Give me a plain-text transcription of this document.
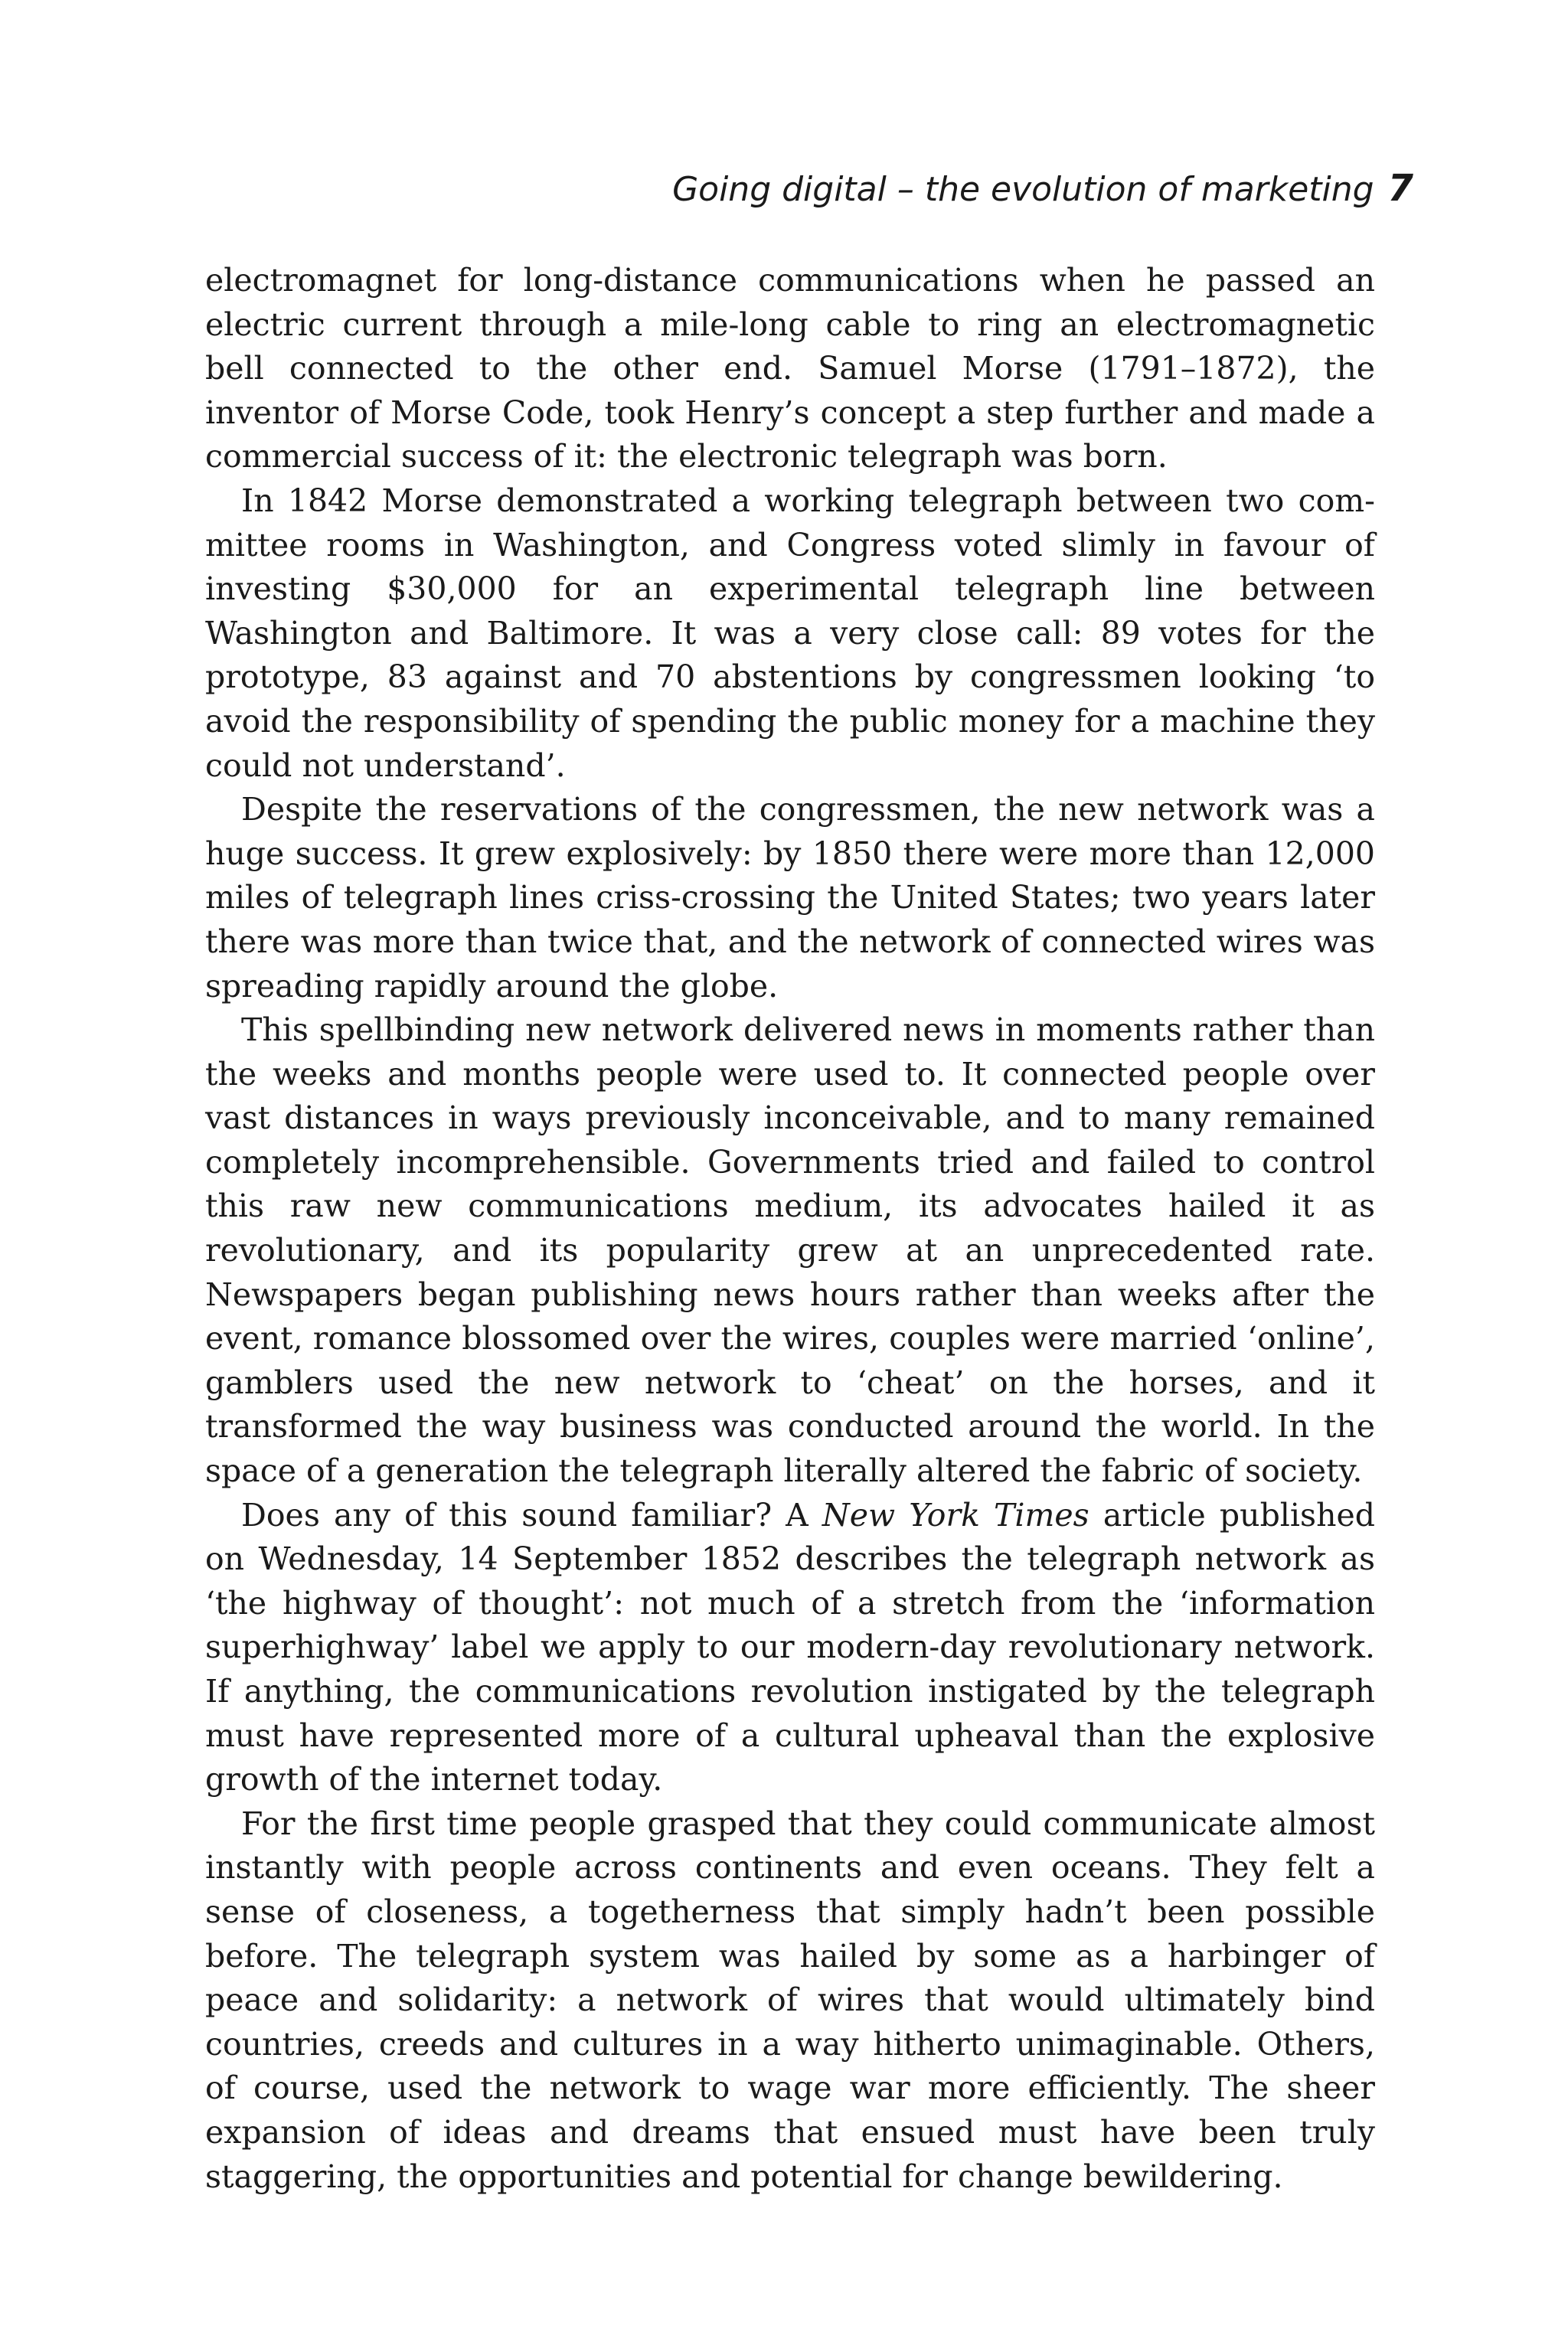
Going digital – the evolution of marketing 7

electromagnet for long-distance communications when he passed an electric current through a mile-long cable to ring an electromagnetic bell connected to the other end. Samuel Morse (1791–1872), the inventor of Morse Code, took Henry’s concept a step further and made a commercial success of it: the electronic telegraph was born.

In 1842 Morse demonstrated a working telegraph between two committee rooms in Washington, and Congress voted slimly in favour of investing $30,000 for an experimental telegraph line between Washington and Baltimore. It was a very close call: 89 votes for the prototype, 83 against and 70 abstentions by congressmen looking ‘to avoid the responsibility of spending the public money for a machine they could not understand’.

Despite the reservations of the congressmen, the new network was a huge success. It grew explosively: by 1850 there were more than 12,000 miles of telegraph lines criss-crossing the United States; two years later there was more than twice that, and the network of connected wires was spreading rapidly around the globe.

This spellbinding new network delivered news in moments rather than the weeks and months people were used to. It connected people over vast distances in ways previously inconceivable, and to many remained completely incomprehensible. Governments tried and failed to control this raw new communications medium, its advocates hailed it as revolutionary, and its popularity grew at an unprecedented rate. Newspapers began publishing news hours rather than weeks after the event, romance blossomed over the wires, couples were married ‘online’, gamblers used the new network to ‘cheat’ on the horses, and it transformed the way business was conducted around the world. In the space of a generation the telegraph literally altered the fabric of society.

Does any of this sound familiar? A New York Times article published on Wednesday, 14 September 1852 describes the telegraph network as ‘the highway of thought’: not much of a stretch from the ‘information superhighway’ label we apply to our modern-day revolutionary network. If anything, the communications revolution instigated by the telegraph must have represented more of a cultural upheaval than the explosive growth of the internet today.

For the first time people grasped that they could communicate almost instantly with people across continents and even oceans. They felt a sense of closeness, a togetherness that simply hadn’t been possible before. The telegraph system was hailed by some as a harbinger of peace and solidarity: a network of wires that would ultimately bind countries, creeds and cultures in a way hitherto unimaginable. Others, of course, used the network to wage war more efficiently. The sheer expansion of ideas and dreams that ensued must have been truly staggering, the opportunities and potential for change bewildering.
